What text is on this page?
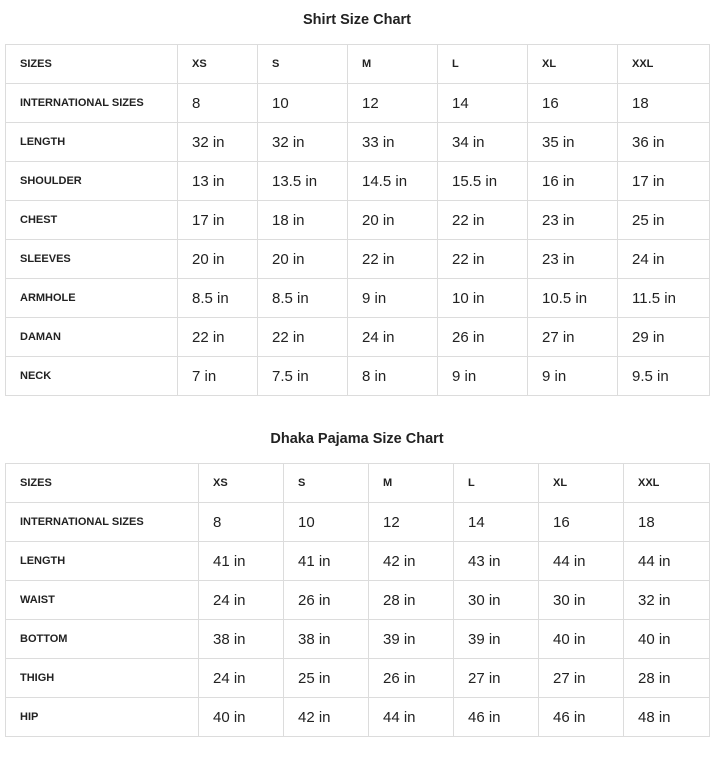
Shirt Size Chart
SIZES	XS	S	M	L	XL	XXL
INTERNATIONAL SIZES	8	10	12	14	16	18
LENGTH	32 in	32 in	33 in	34 in	35 in	36 in
SHOULDER	13 in	13.5 in	14.5 in	15.5 in	16 in	17 in
CHEST	17 in	18 in	20 in	22 in	23 in	25 in
SLEEVES	20 in	20 in	22 in	22 in	23 in	24 in
ARMHOLE	8.5 in	8.5 in	9 in	10 in	10.5 in	11.5 in
DAMAN	22 in	22 in	24 in	26 in	27 in	29 in
NECK	7 in	7.5 in	8 in	9 in	9 in	9.5 in
Dhaka Pajama Size Chart
SIZES	XS	S	M	L	XL	XXL
INTERNATIONAL SIZES	8	10	12	14	16	18
LENGTH	41 in	41 in	42 in	43 in	44 in	44 in
WAIST	24 in	26 in	28 in	30 in	30 in	32 in
BOTTOM	38 in	38 in	39 in	39 in	40 in	40 in
THIGH	24 in	25 in	26 in	27 in	27 in	28 in
HIP	40 in	42 in	44 in	46 in	46 in	48 in
